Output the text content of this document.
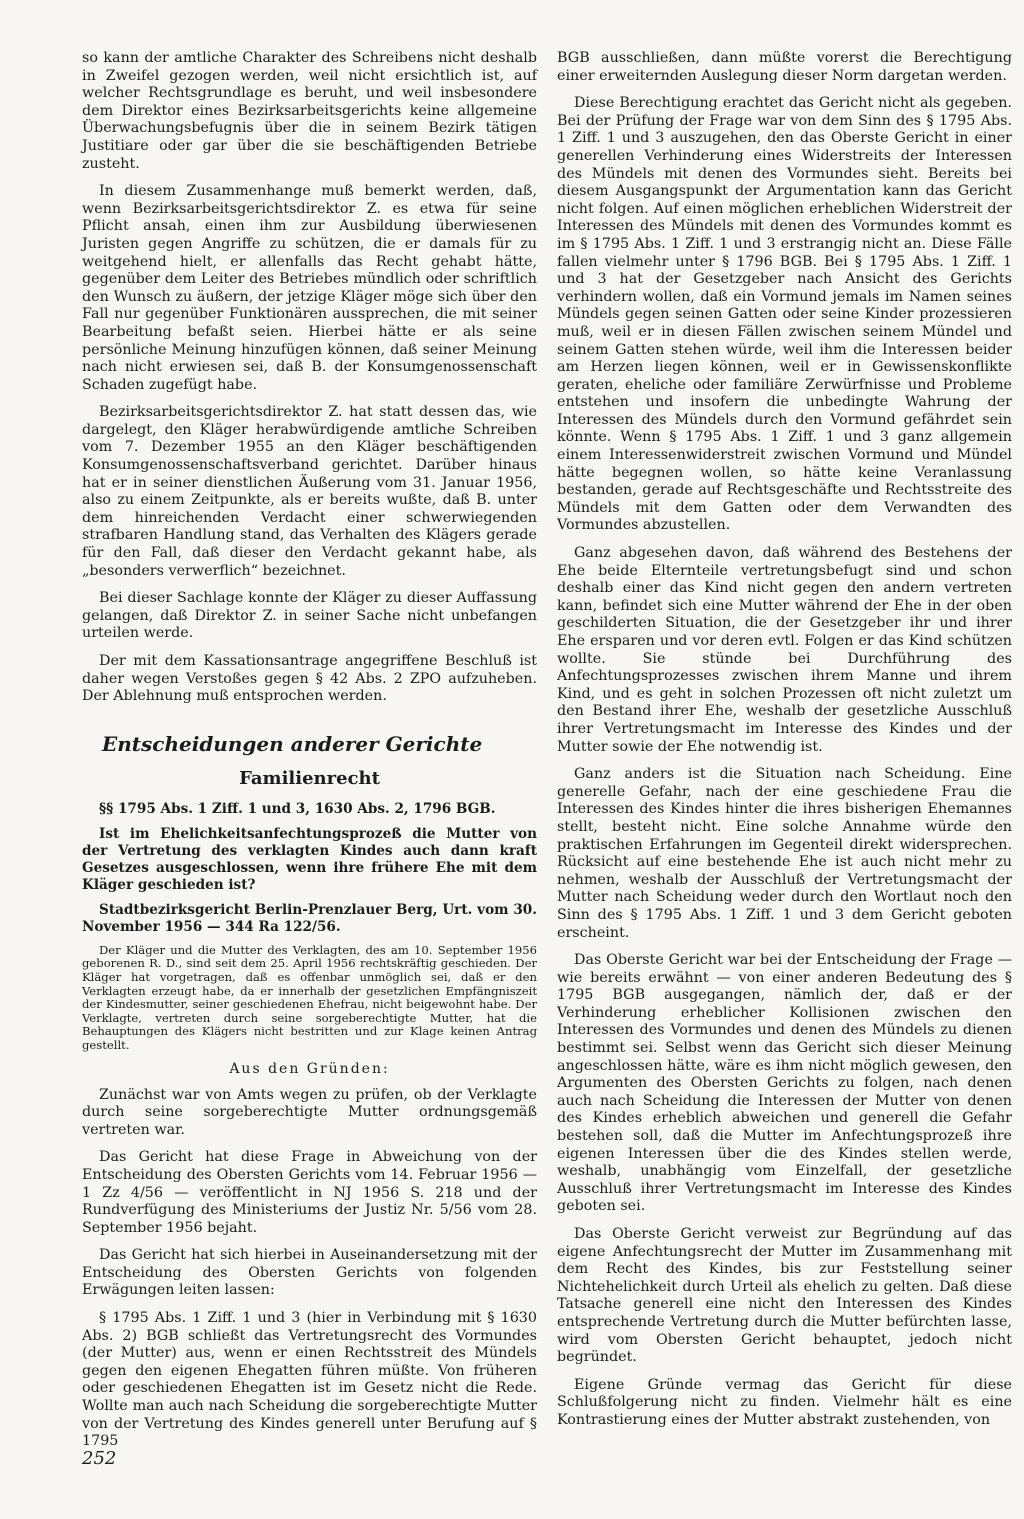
so kann der amtliche Charakter des Schreibens nicht deshalb in Zweifel gezogen werden, weil nicht ersichtlich ist, auf welcher Rechtsgrundlage es beruht, und weil insbesondere dem Direktor eines Bezirksarbeitsgerichts keine allgemeine Überwachungsbefugnis über die in seinem Bezirk tätigen Justitiare oder gar über die sie beschäftigenden Betriebe zusteht.

In diesem Zusammenhange muß bemerkt werden, daß, wenn Bezirksarbeitsgerichtsdirektor Z. es etwa für seine Pflicht ansah, einen ihm zur Ausbildung überwiesenen Juristen gegen Angriffe zu schützen, die er damals für zu weitgehend hielt, er allenfalls das Recht gehabt hätte, gegenüber dem Leiter des Betriebes mündlich oder schriftlich den Wunsch zu äußern, der jetzige Kläger möge sich über den Fall nur gegenüber Funktionären aussprechen, die mit seiner Bearbeitung befaßt seien. Hierbei hätte er als seine persönliche Meinung hinzufügen können, daß seiner Meinung nach nicht erwiesen sei, daß B. der Konsumgenossenschaft Schaden zugefügt habe.

Bezirksarbeitsgerichtsdirektor Z. hat statt dessen das, wie dargelegt, den Kläger herabwürdigende amtliche Schreiben vom 7. Dezember 1955 an den Kläger beschäftigenden Konsumgenossenschaftsverband gerichtet. Darüber hinaus hat er in seiner dienstlichen Äußerung vom 31. Januar 1956, also zu einem Zeitpunkte, als er bereits wußte, daß B. unter dem hinreichenden Verdacht einer schwerwiegenden strafbaren Handlung stand, das Verhalten des Klägers gerade für den Fall, daß dieser den Verdacht gekannt habe, als „besonders verwerflich“ bezeichnet.

Bei dieser Sachlage konnte der Kläger zu dieser Auffassung gelangen, daß Direktor Z. in seiner Sache nicht unbefangen urteilen werde.

Der mit dem Kassationsantrage angegriffene Beschluß ist daher wegen Verstoßes gegen § 42 Abs. 2 ZPO aufzuheben. Der Ablehnung muß entsprochen werden.

Entscheidungen anderer Gerichte
Familienrecht
§§ 1795 Abs. 1 Ziff. 1 und 3, 1630 Abs. 2, 1796 BGB.
Ist im Ehelichkeitsanfechtungsprozeß die Mutter von der Vertretung des verklagten Kindes auch dann kraft Gesetzes ausgeschlossen, wenn ihre frühere Ehe mit dem Kläger geschieden ist?
Stadtbezirksgericht Berlin-Prenzlauer Berg, Urt. vom 30. November 1956 — 344 Ra 122/56.

Der Kläger und die Mutter des Verklagten, des am 10. September 1956 geborenen R. D., sind seit dem 25. April 1956 rechtskräftig geschieden. Der Kläger hat vorgetragen, daß es offenbar unmöglich sei, daß er den Verklagten erzeugt habe, da er innerhalb der gesetzlichen Empfängniszeit der Kindesmutter, seiner geschiedenen Ehefrau, nicht beigewohnt habe. Der Verklagte, vertreten durch seine sorgeberechtigte Mutter, hat die Behauptungen des Klägers nicht bestritten und zur Klage keinen Antrag gestellt.

Aus den Gründen:

Zunächst war von Amts wegen zu prüfen, ob der Verklagte durch seine sorgeberechtigte Mutter ordnungsgemäß vertreten war.

Das Gericht hat diese Frage in Abweichung von der Entscheidung des Obersten Gerichts vom 14. Februar 1956 — 1 Zz 4/56 — veröffentlicht in NJ 1956 S. 218 und der Rundverfügung des Ministeriums der Justiz Nr. 5/56 vom 28. September 1956 bejaht.

Das Gericht hat sich hierbei in Auseinandersetzung mit der Entscheidung des Obersten Gerichts von folgenden Erwägungen leiten lassen:

§ 1795 Abs. 1 Ziff. 1 und 3 (hier in Verbindung mit § 1630 Abs. 2) BGB schließt das Vertretungsrecht des Vormundes (der Mutter) aus, wenn er einen Rechtsstreit des Mündels gegen den eigenen Ehegatten führen müßte. Von früheren oder geschiedenen Ehegatten ist im Gesetz nicht die Rede. Wollte man auch nach Scheidung die sorgeberechtigte Mutter von der Vertretung des Kindes generell unter Berufung auf § 1795

BGB ausschließen, dann müßte vorerst die Berechtigung einer erweiternden Auslegung dieser Norm dargetan werden.

Diese Berechtigung erachtet das Gericht nicht als gegeben. Bei der Prüfung der Frage war von dem Sinn des § 1795 Abs. 1 Ziff. 1 und 3 auszugehen, den das Oberste Gericht in einer generellen Verhinderung eines Widerstreits der Interessen des Mündels mit denen des Vormundes sieht. Bereits bei diesem Ausgangspunkt der Argumentation kann das Gericht nicht folgen. Auf einen möglichen erheblichen Widerstreit der Interessen des Mündels mit denen des Vormundes kommt es im § 1795 Abs. 1 Ziff. 1 und 3 erstrangig nicht an. Diese Fälle fallen vielmehr unter § 1796 BGB. Bei § 1795 Abs. 1 Ziff. 1 und 3 hat der Gesetzgeber nach Ansicht des Gerichts verhindern wollen, daß ein Vormund jemals im Namen seines Mündels gegen seinen Gatten oder seine Kinder prozessieren muß, weil er in diesen Fällen zwischen seinem Mündel und seinem Gatten stehen würde, weil ihm die Interessen beider am Herzen liegen können, weil er in Gewissenskonflikte geraten, eheliche oder familiäre Zerwürfnisse und Probleme entstehen und insofern die unbedingte Wahrung der Interessen des Mündels durch den Vormund gefährdet sein könnte. Wenn § 1795 Abs. 1 Ziff. 1 und 3 ganz allgemein einem Interessenwiderstreit zwischen Vormund und Mündel hätte begegnen wollen, so hätte keine Veranlassung bestanden, gerade auf Rechtsgeschäfte und Rechtsstreite des Mündels mit dem Gatten oder dem Verwandten des Vormundes abzustellen.

Ganz abgesehen davon, daß während des Bestehens der Ehe beide Elternteile vertretungsbefugt sind und schon deshalb einer das Kind nicht gegen den andern vertreten kann, befindet sich eine Mutter während der Ehe in der oben geschilderten Situation, die der Gesetzgeber ihr und ihrer Ehe ersparen und vor deren evtl. Folgen er das Kind schützen wollte. Sie stünde bei Durchführung des Anfechtungsprozesses zwischen ihrem Manne und ihrem Kind, und es geht in solchen Prozessen oft nicht zuletzt um den Bestand ihrer Ehe, weshalb der gesetzliche Ausschluß ihrer Vertretungsmacht im Interesse des Kindes und der Mutter sowie der Ehe notwendig ist.

Ganz anders ist die Situation nach Scheidung. Eine generelle Gefahr, nach der eine geschiedene Frau die Interessen des Kindes hinter die ihres bisherigen Ehemannes stellt, besteht nicht. Eine solche Annahme würde den praktischen Erfahrungen im Gegenteil direkt widersprechen. Rücksicht auf eine bestehende Ehe ist auch nicht mehr zu nehmen, weshalb der Ausschluß der Vertretungsmacht der Mutter nach Scheidung weder durch den Wortlaut noch den Sinn des § 1795 Abs. 1 Ziff. 1 und 3 dem Gericht geboten erscheint.

Das Oberste Gericht war bei der Entscheidung der Frage — wie bereits erwähnt — von einer anderen Bedeutung des § 1795 BGB ausgegangen, nämlich der, daß er der Verhinderung erheblicher Kollisionen zwischen den Interessen des Vormundes und denen des Mündels zu dienen bestimmt sei. Selbst wenn das Gericht sich dieser Meinung angeschlossen hätte, wäre es ihm nicht möglich gewesen, den Argumenten des Obersten Gerichts zu folgen, nach denen auch nach Scheidung die Interessen der Mutter von denen des Kindes erheblich abweichen und generell die Gefahr bestehen soll, daß die Mutter im Anfechtungsprozeß ihre eigenen Interessen über die des Kindes stellen werde, weshalb, unabhängig vom Einzelfall, der gesetzliche Ausschluß ihrer Vertretungsmacht im Interesse des Kindes geboten sei.

Das Oberste Gericht verweist zur Begründung auf das eigene Anfechtungsrecht der Mutter im Zusammenhang mit dem Recht des Kindes, bis zur Feststellung seiner Nichtehelichkeit durch Urteil als ehelich zu gelten. Daß diese Tatsache generell eine nicht den Interessen des Kindes entsprechende Vertretung durch die Mutter befürchten lasse, wird vom Obersten Gericht behauptet, jedoch nicht begründet.

Eigene Gründe vermag das Gericht für diese Schlußfolgerung nicht zu finden. Vielmehr hält es eine Kontrastierung eines der Mutter abstrakt zustehenden, von

252
